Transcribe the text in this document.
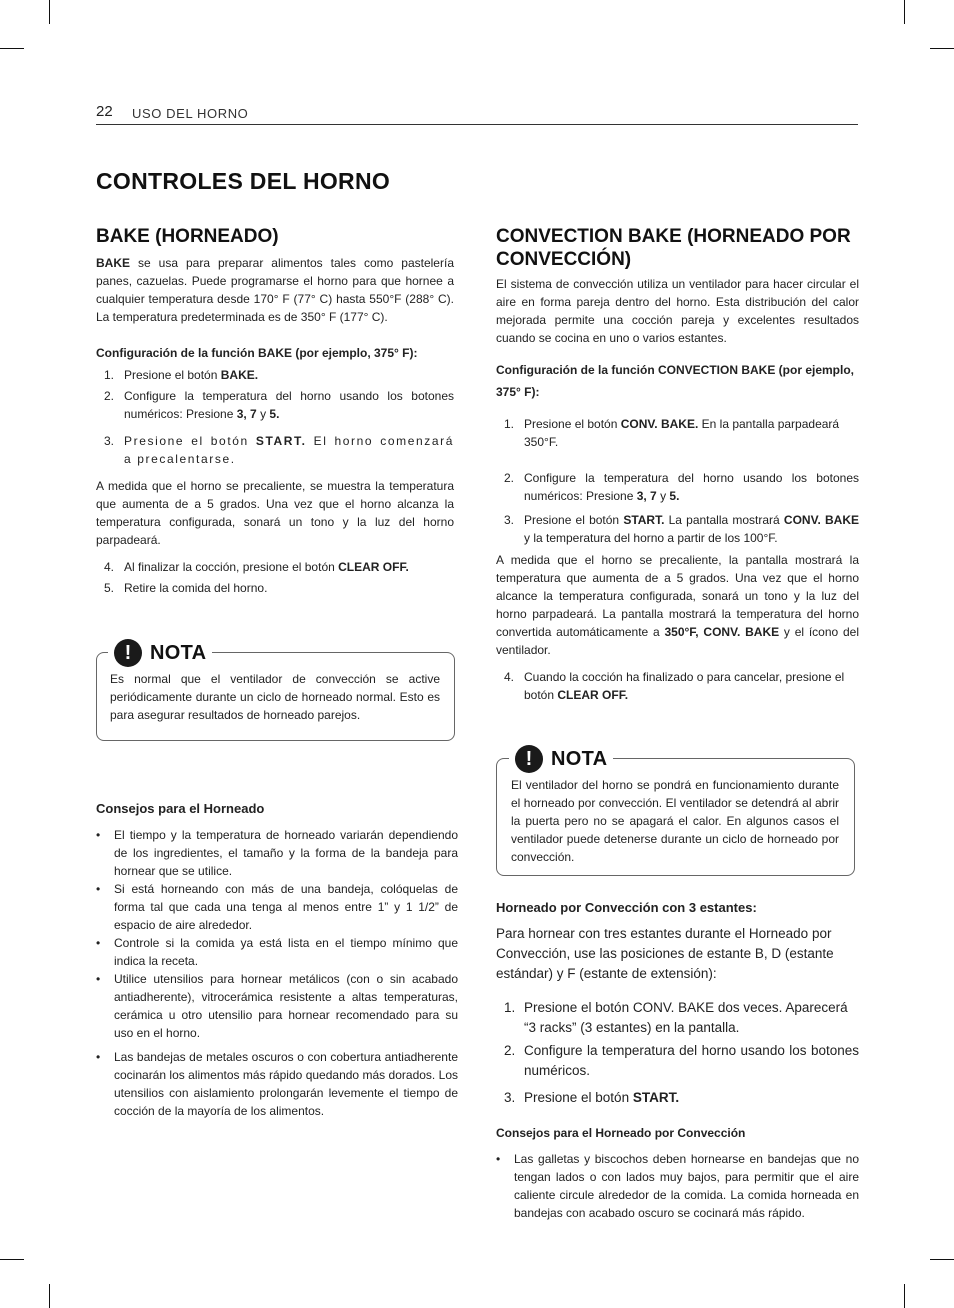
22 USO DEL HORNO
CONTROLES DEL HORNO
BAKE (HORNEADO)

BAKE se usa para preparar alimentos tales como pastelería panes, cazuelas. Puede programarse el horno para que hornee a cualquier temperatura desde 170° F (77° C) hasta 550°F (288° C). La temperatura predeterminada es de 350° F (177° C).

Configuración de la función BAKE (por ejemplo, 375° F):

1. Presione el botón BAKE.
2. Configure la temperatura del horno usando los botones numéricos: Presione 3, 7 y 5.
3. Presione el botón START. El horno comenzará a precalentarse.

A medida que el horno se precaliente, se muestra la temperatura que aumenta de a 5 grados. Una vez que el horno alcanza la temperatura configurada, sonará un tono y la luz del horno parpadeará.

4. Al finalizar la cocción, presione el botón CLEAR OFF.
5. Retire la comida del horno.
Es normal que el ventilador de convección se active periódicamente durante un ciclo de horneado normal. Esto es para asegurar resultados de horneado parejos.
! NOTA

Consejos para el Horneado

• El tiempo y la temperatura de horneado variarán dependiendo de los ingredientes, el tamaño y la forma de la bandeja para hornear que se utilice.
• Si está horneando con más de una bandeja, colóquelas de forma tal que cada una tenga al menos entre 1” y 1 1/2” de espacio de aire alrededor.
• Controle si la comida ya está lista en el tiempo mínimo que indica la receta.
• Utilice utensilios para hornear metálicos (con o sin acabado antiadherente), vitrocerámica resistente a altas temperaturas, cerámica u otro utensilio para hornear recomendado para su uso en el horno.
• Las bandejas de metales oscuros o con cobertura antiadherente cocinarán los alimentos más rápido quedando más dorados. Los utensilios con aislamiento prolongarán levemente el tiempo de cocción de la mayoría de los alimentos.
CONVECTION BAKE (HORNEADO POR CONVECCIÓN)

El sistema de convección utiliza un ventilador para hacer circular el aire en forma pareja dentro del horno. Esta distribución del calor mejorada permite una cocción pareja y excelentes resultados cuando se cocina en uno o varios estantes.

Configuración de la función CONVECTION BAKE (por ejemplo, 375° F):

1. Presione el botón CONV. BAKE. En la pantalla parpadeará 350°F.
2. Configure la temperatura del horno usando los botones numéricos: Presione 3, 7 y 5.
3. Presione el botón START. La pantalla mostrará CONV. BAKE y la temperatura del horno a partir de los 100°F.

A medida que el horno se precaliente, la pantalla mostrará la temperatura que aumenta de a 5 grados. Una vez que el horno alcance la temperatura configurada, sonará un tono y la luz del horno parpadeará. La pantalla mostrará la temperatura del horno convertida automáticamente a 350°F, CONV. BAKE y el ícono del ventilador.

4. Cuando la cocción ha finalizado o para cancelar, presione el botón CLEAR OFF.
El ventilador del horno se pondrá en funcionamiento durante el horneado por convección. El ventilador se detendrá al abrir la puerta pero no se apagará el calor. En algunos casos el ventilador puede detenerse durante un ciclo de horneado por convección.
! NOTA

Horneado por Convección con 3 estantes:

Para hornear con tres estantes durante el Horneado por Convección, use las posiciones de estante B, D (estante estándar) y F (estante de extensión):

1. Presione el botón CONV. BAKE dos veces. Aparecerá “3 racks” (3 estantes) en la pantalla.
2. Configure la temperatura del horno usando los botones numéricos.
3. Presione el botón START.

Consejos para el Horneado por Convección

• Las galletas y biscochos deben hornearse en bandejas que no tengan lados o con lados muy bajos, para permitir que el aire caliente circule alrededor de la comida. La comida horneada en bandejas con acabado oscuro se cocinará más rápido.
